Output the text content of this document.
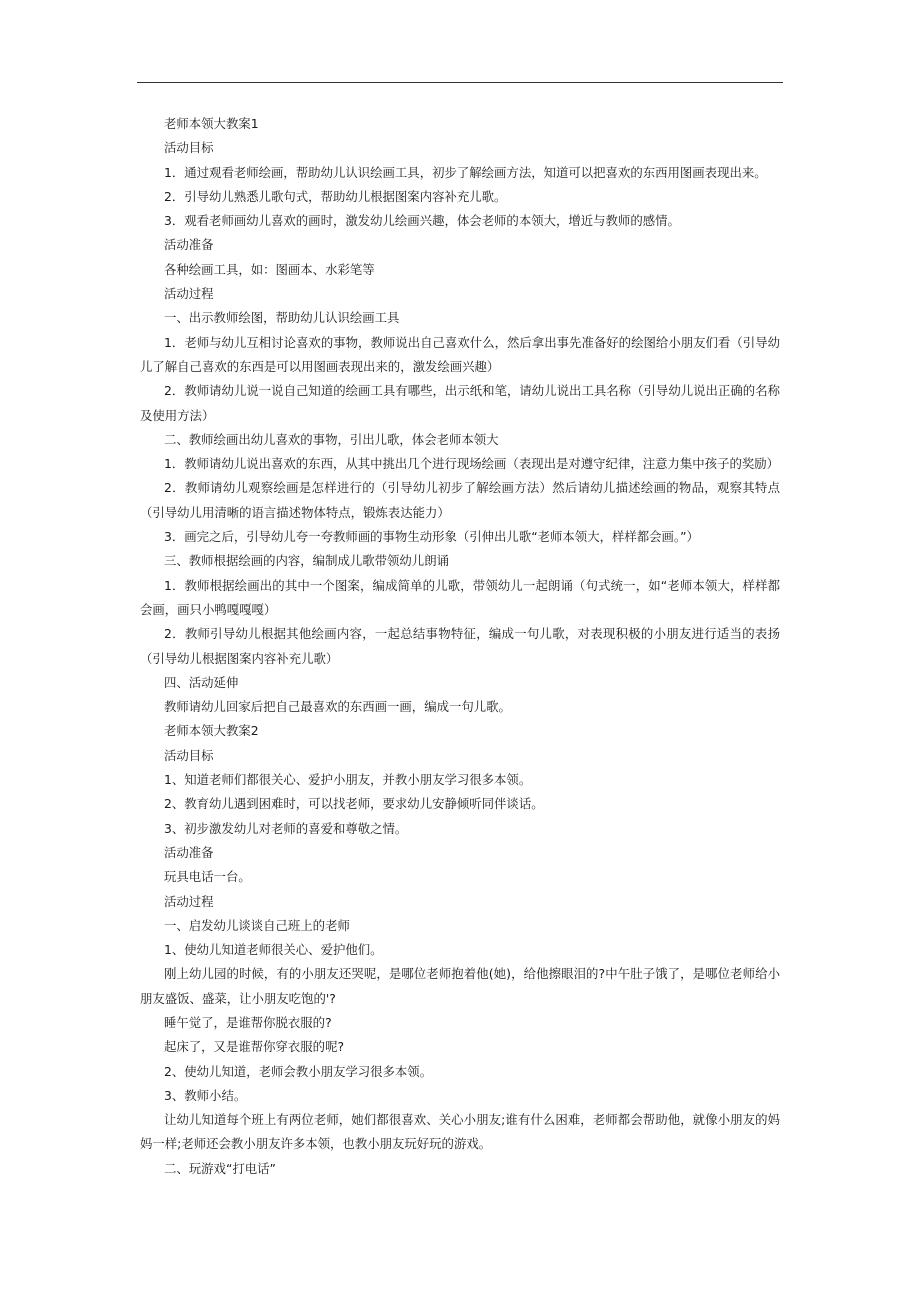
老师本领大教案1

活动目标

1．通过观看老师绘画，帮助幼儿认识绘画工具，初步了解绘画方法，知道可以把喜欢的东西用图画表现出来。

2．引导幼儿熟悉儿歌句式，帮助幼儿根据图案内容补充儿歌。

3．观看老师画幼儿喜欢的画时，激发幼儿绘画兴趣，体会老师的本领大，增近与教师的感情。

活动准备

各种绘画工具，如：图画本、水彩笔等

活动过程

一、出示教师绘图，帮助幼儿认识绘画工具

1．老师与幼儿互相讨论喜欢的事物，教师说出自己喜欢什么，然后拿出事先准备好的绘图给小朋友们看（引导幼儿了解自己喜欢的东西是可以用图画表现出来的，激发绘画兴趣）

2．教师请幼儿说一说自己知道的绘画工具有哪些，出示纸和笔，请幼儿说出工具名称（引导幼儿说出正确的名称及使用方法）

二、教师绘画出幼儿喜欢的事物，引出儿歌，体会老师本领大

1．教师请幼儿说出喜欢的东西，从其中挑出几个进行现场绘画（表现出是对遵守纪律，注意力集中孩子的奖励）

2．教师请幼儿观察绘画是怎样进行的（引导幼儿初步了解绘画方法）然后请幼儿描述绘画的物品，观察其特点（引导幼儿用清晰的语言描述物体特点，锻炼表达能力）

3．画完之后，引导幼儿夸一夸教师画的事物生动形象（引伸出儿歌“老师本领大，样样都会画。”）

三、教师根据绘画的内容，编制成儿歌带领幼儿朗诵

1．教师根据绘画出的其中一个图案，编成简单的儿歌，带领幼儿一起朗诵（句式统一，如“老师本领大，样样都会画，画只小鸭嘎嘎嘎）

2．教师引导幼儿根据其他绘画内容，一起总结事物特征，编成一句儿歌，对表现积极的小朋友进行适当的表扬（引导幼儿根据图案内容补充儿歌）

四、活动延伸

教师请幼儿回家后把自己最喜欢的东西画一画，编成一句儿歌。

老师本领大教案2

活动目标

1、知道老师们都很关心、爱护小朋友，并教小朋友学习很多本领。

2、教育幼儿遇到困难时，可以找老师，要求幼儿安静倾听同伴谈话。

3、初步激发幼儿对老师的喜爱和尊敬之情。

活动准备

玩具电话一台。

活动过程

一、启发幼儿谈谈自己班上的老师

1、使幼儿知道老师很关心、爱护他们。

刚上幼儿园的时候，有的小朋友还哭呢，是哪位老师抱着他(她)，给他擦眼泪的?中午肚子饿了，是哪位老师给小朋友盛饭、盛菜，让小朋友吃饱的'?

睡午觉了，是谁帮你脱衣服的?

起床了，又是谁帮你穿衣服的呢?

2、使幼儿知道，老师会教小朋友学习很多本领。

3、教师小结。

让幼儿知道每个班上有两位老师，她们都很喜欢、关心小朋友;谁有什么困难，老师都会帮助他，就像小朋友的妈妈一样;老师还会教小朋友许多本领，也教小朋友玩好玩的游戏。

二、玩游戏“打电话”
